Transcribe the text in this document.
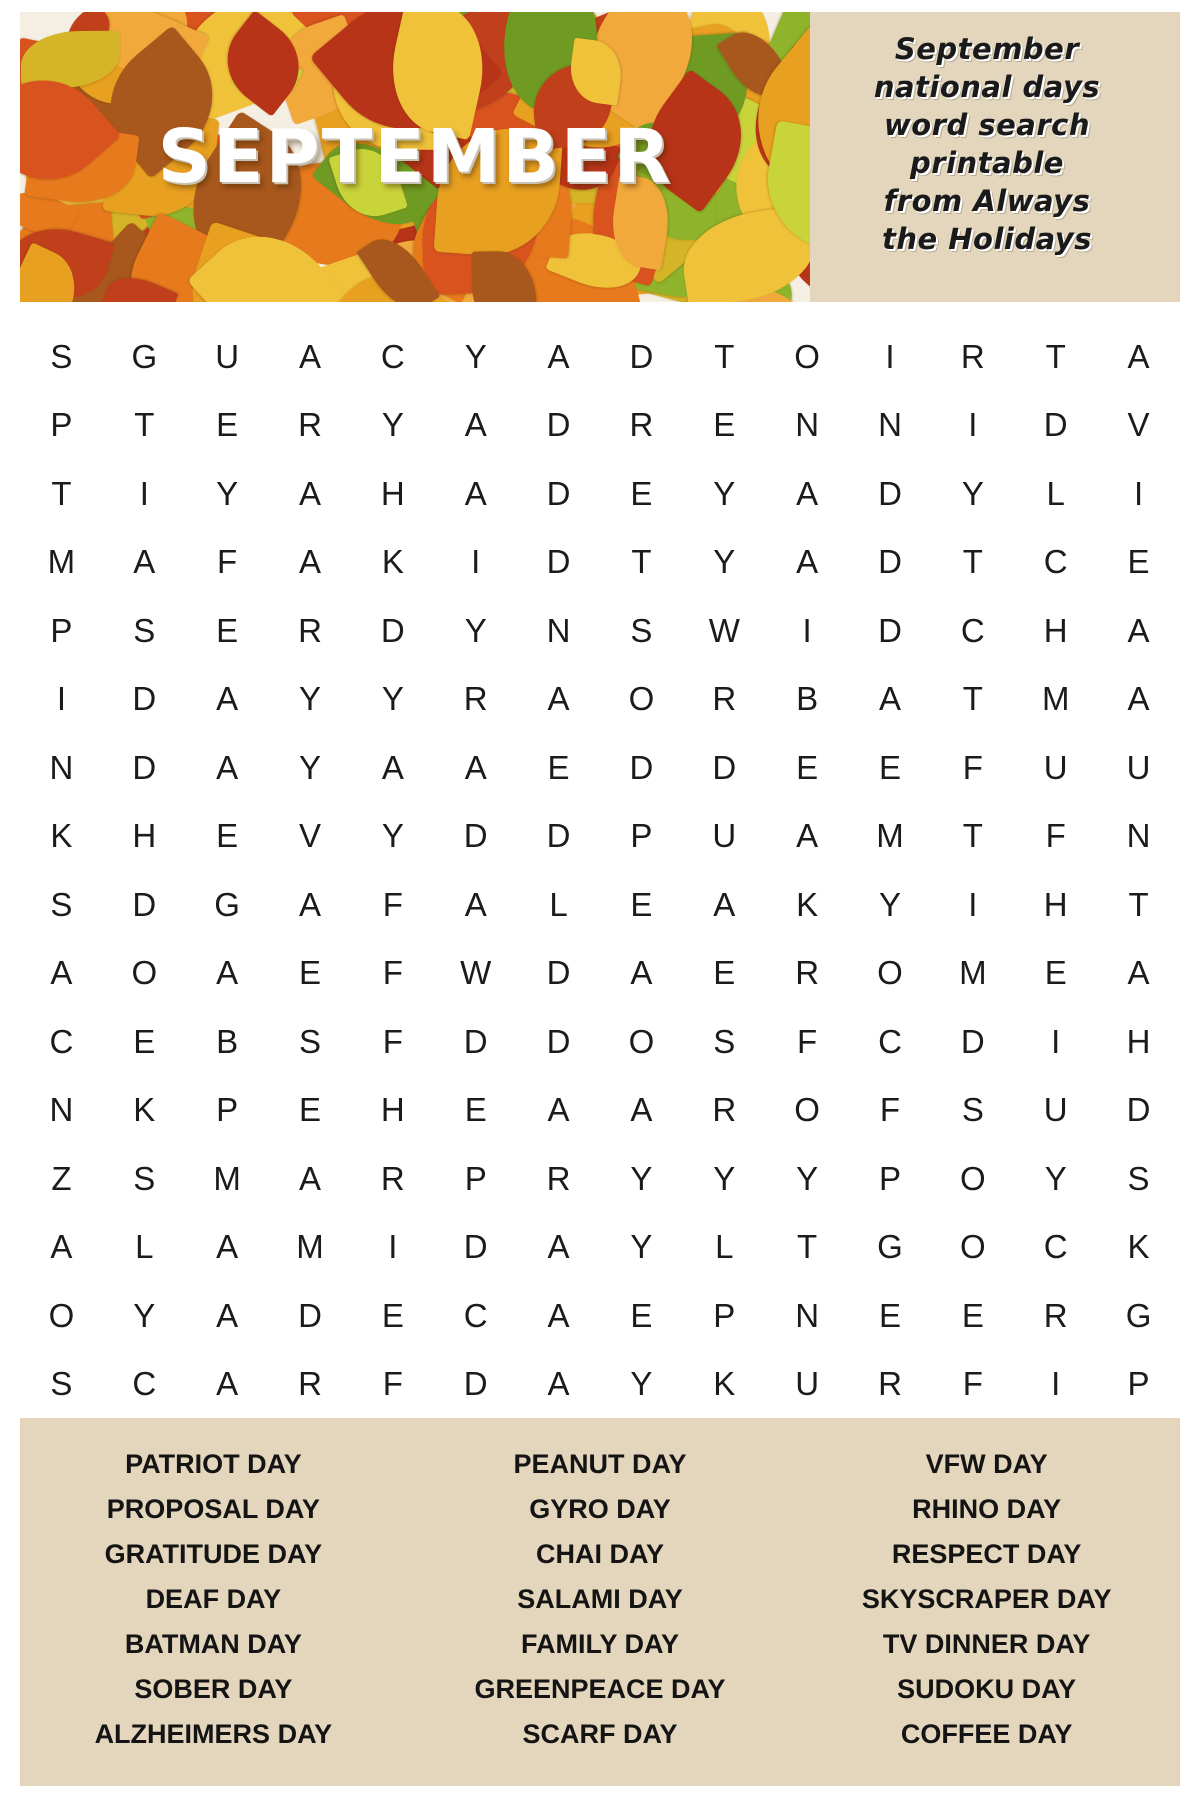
SEPTEMBER
September
national days
word search
printable
from Always
the Holidays
S G U A C Y A D T O I R T A
P T E R Y A D R E N N I D V
T I Y A H A D E Y A D Y L I
M A F A K I D T Y A D T C E
P S E R D Y N S W I D C H A
I D A Y Y R A O R B A T M A
N D A Y A A E D D E E F U U
K H E V Y D D P U A M T F N
S D G A F A L E A K Y I H T
A O A E F W D A E R O M E A
C E B S F D D O S F C D I H
N K P E H E A A R O F S U D
Z S M A R P R Y Y Y P O Y S
A L A M I D A Y L T G O C K
O Y A D E C A E P N E E R G
S C A R F D A Y K U R F I P
PATRIOT DAY
PROPOSAL DAY
GRATITUDE DAY
DEAF DAY
BATMAN DAY
SOBER DAY
ALZHEIMERS DAY
PEANUT DAY
GYRO DAY
CHAI DAY
SALAMI DAY
FAMILY DAY
GREENPEACE DAY
SCARF DAY
VFW DAY
RHINO DAY
RESPECT DAY
SKYSCRAPER DAY
TV DINNER DAY
SUDOKU DAY
COFFEE DAY
